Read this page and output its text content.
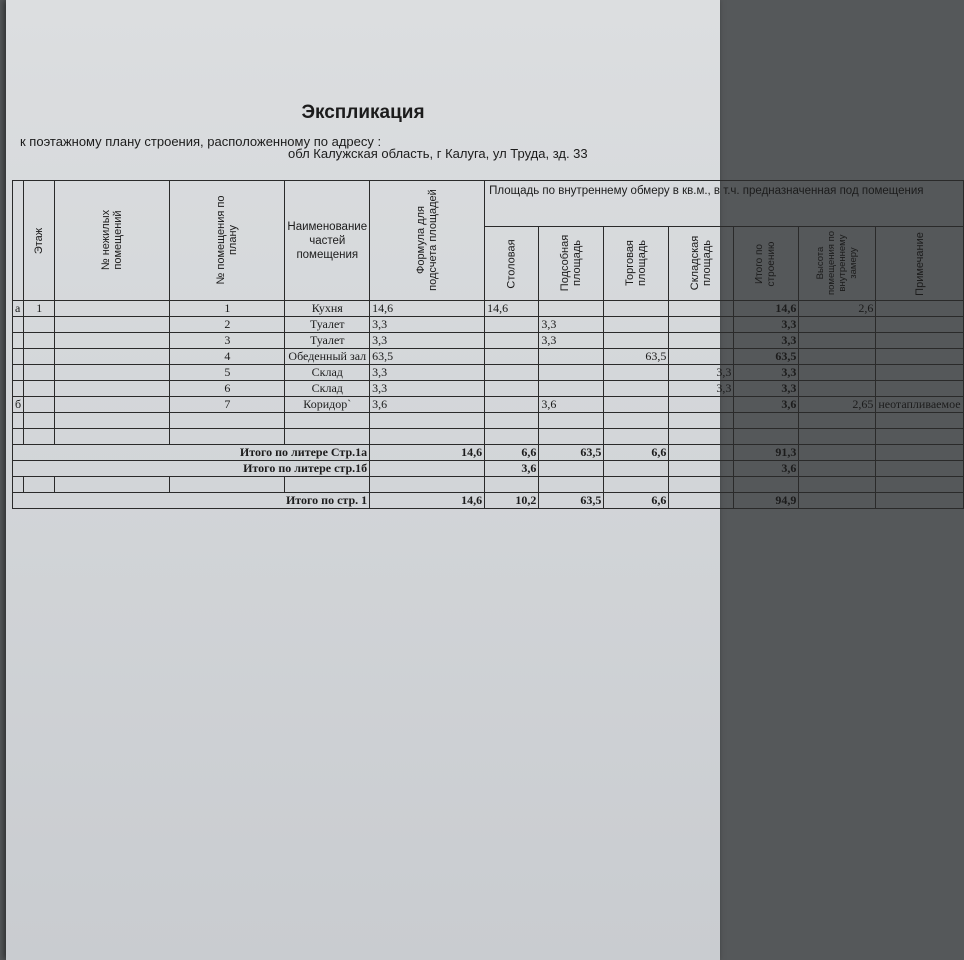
Экспликация
к поэтажному плану строения, расположенному по адресу :
обл Калужская область, г Калуга, ул Труда, зд. 33
	Этаж	№ нежилых помещений	№ помещения по плану	Наименование частей помещения	Формула для подсчета площадей	Площадь по внутреннему обмеру в кв.м., в т.ч. предназначенная под помещения						
						Столовая	Подсобная площадь	Торговая площадь	Складская площадь	Итого по строению	Высота помещения по внутреннему замеру	Примечание
а	1		1	Кухня	14,6	14,6				14,6	2,6	
			2	Туалет	3,3		3,3			3,3		
			3	Туалет	3,3		3,3			3,3		
			4	Обеденный зал	63,5			63,5		63,5		
			5	Склад	3,3				3,3	3,3		
			6	Склад	3,3				3,3	3,3		
б			7	Коридор`	3,6		3,6			3,6	2,65	неотапливаемое

Итого по литере Стр.1а					14,6	6,6	63,5	6,6		91,3		
Итого по литере стр.1б						3,6				3,6		

Итого по стр. 1					14,6	10,2	63,5	6,6		94,9		
